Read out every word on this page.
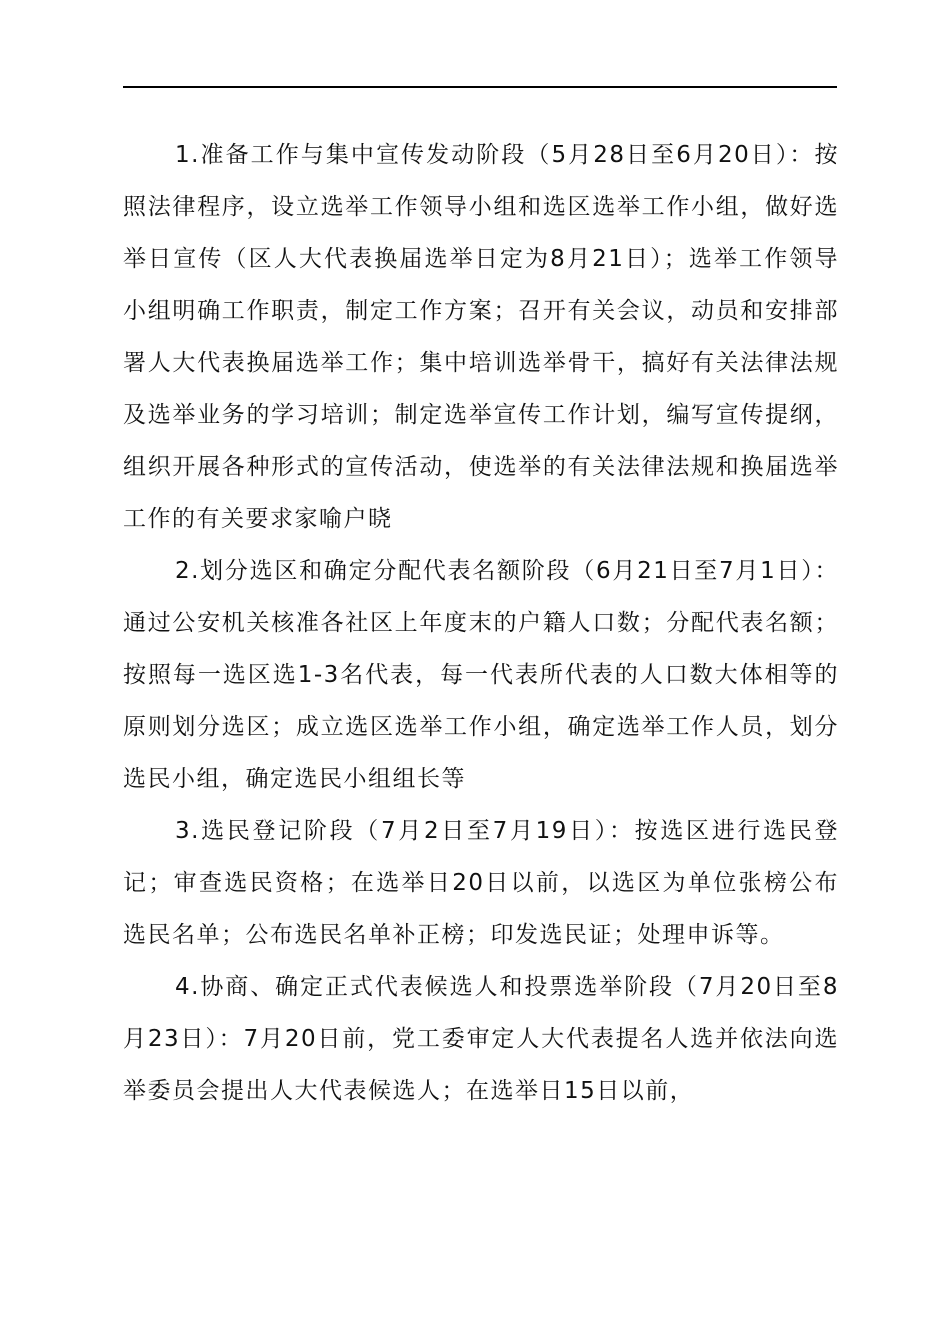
1.准备工作与集中宣传发动阶段（5月28日至6月20日）：按照法律程序，设立选举工作领导小组和选区选举工作小组，做好选举日宣传（区人大代表换届选举日定为8月21日）；选举工作领导小组明确工作职责，制定工作方案；召开有关会议，动员和安排部署人大代表换届选举工作；集中培训选举骨干，搞好有关法律法规及选举业务的学习培训；制定选举宣传工作计划，编写宣传提纲，组织开展各种形式的宣传活动，使选举的有关法律法规和换届选举工作的有关要求家喻户晓

2.划分选区和确定分配代表名额阶段（6月21日至7月1日）：通过公安机关核准各社区上年度末的户籍人口数；分配代表名额；按照每一选区选1-3名代表，每一代表所代表的人口数大体相等的原则划分选区；成立选区选举工作小组，确定选举工作人员，划分选民小组，确定选民小组组长等

3.选民登记阶段（7月2日至7月19日）：按选区进行选民登记；审查选民资格；在选举日20日以前，以选区为单位张榜公布选民名单；公布选民名单补正榜；印发选民证；处理申诉等。

4.协商、确定正式代表候选人和投票选举阶段（7月20日至8月23日）：7月20日前，党工委审定人大代表提名人选并依法向选举委员会提出人大代表候选人；在选举日15日以前，
